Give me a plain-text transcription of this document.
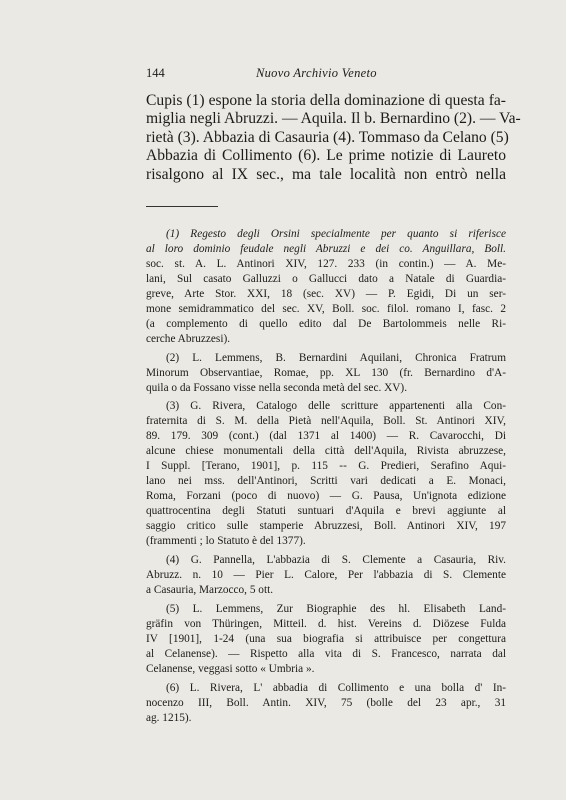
144	Nuovo Archivio Veneto
Cupis (1) espone la storia della dominazione di questa fa-
miglia negli Abruzzi. — Aquila. Il b. Bernardino (2). — Va-
rietà (3). Abbazia di Casauria (4). Tommaso da Celano (5)
Abbazia di Collimento (6). Le prime notizie di Laureto
risalgono al IX sec., ma tale località non entrò nella
(1) Regesto degli Orsini specialmente per quanto si riferisce
al loro dominio feudale negli Abruzzi e dei co. Anguillara, Boll.
soc. st. A. L. Antinori XIV, 127. 233 (in contin.) — A. Me-
lani, Sul casato Galluzzi o Gallucci dato a Natale di Guardia-
greve, Arte Stor. XXI, 18 (sec. XV) — P. Egidi, Di un ser-
mone semidrammatico del sec. XV, Boll. soc. filol. romano I, fasc. 2
(a complemento di quello edito dal De Bartolommeis nelle Ri-
cerche Abruzzesi).
(2) L. Lemmens, B. Bernardini Aquilani, Chronica Fratrum
Minorum Observantiae, Romae, pp. XL 130 (fr. Bernardino d'A-
quila o da Fossano visse nella seconda metà del sec. XV).
(3) G. Rivera, Catalogo delle scritture appartenenti alla Con-
fraternita di S. M. della Pietà nell'Aquila, Boll. St. Antinori XIV,
89. 179. 309 (cont.) (dal 1371 al 1400) — R. Cavarocchi, Di
alcune chiese monumentali della città dell'Aquila, Rivista abruzzese,
I Suppl. [Terano, 1901], p. 115 -- G. Predieri, Serafino Aqui-
lano nei mss. dell'Antinori, Scritti vari dedicati a E. Monaci,
Roma, Forzani (poco di nuovo) — G. Pausa, Un'ignota edizione
quattrocentina degli Statuti suntuari d'Aquila e brevi aggiunte al
saggio critico sulle stamperie Abruzzesi, Boll. Antinori XIV, 197
(frammenti ; lo Statuto è del 1377).
(4) G. Pannella, L'abbazia di S. Clemente a Casauria, Riv.
Abruzz. n. 10 — Pier L. Calore, Per l'abbazia di S. Clemente
a Casauria, Marzocco, 5 ott.
(5) L. Lemmens, Zur Biographie des hl. Elisabeth Land-
gräfin von Thüringen, Mitteil. d. hist. Vereins d. Diözese Fulda
IV [1901], 1-24 (una sua biografia si attribuisce per congettura
al Celanense). — Rispetto alla vita di S. Francesco, narrata dal
Celanense, veggasi sotto « Umbria ».
(6) L. Rivera, L' abbadia di Collimento e una bolla d' In-
nocenzo III, Boll. Antin. XIV, 75 (bolle del 23 apr., 31
ag. 1215).
